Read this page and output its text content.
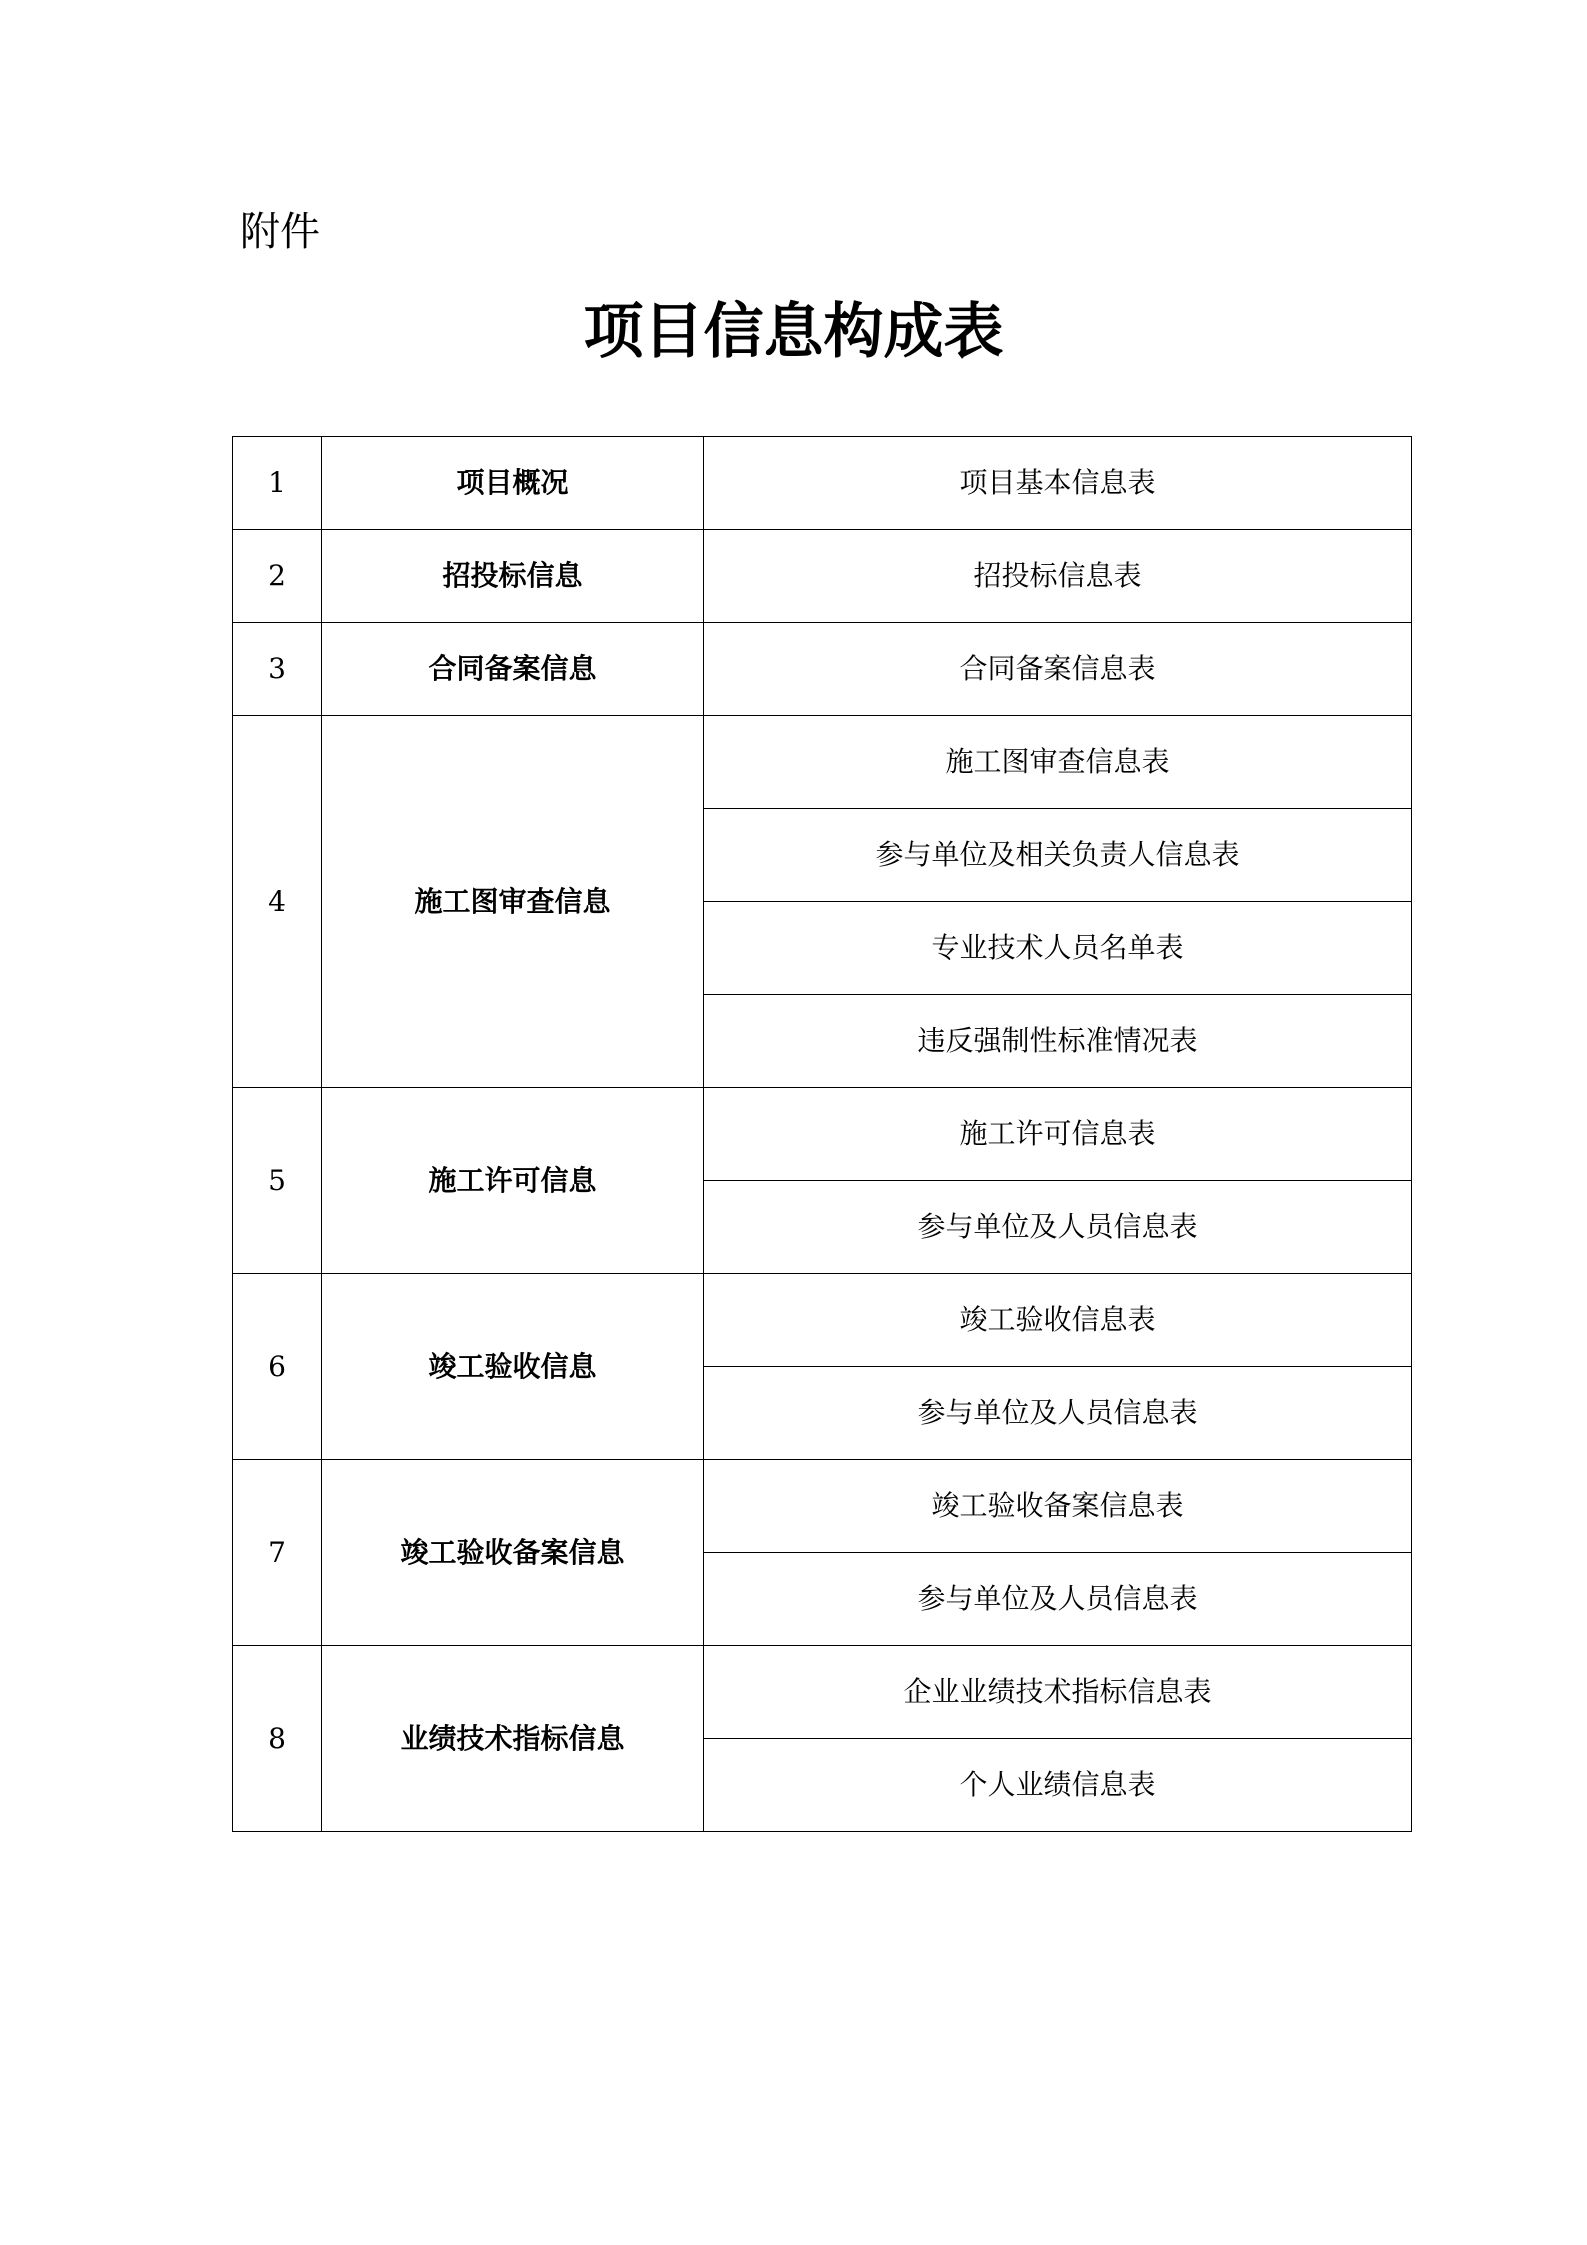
附件

项目信息构成表
1	项目概况	项目基本信息表
2	招投标信息	招投标信息表
3	合同备案信息	合同备案信息表
4	施工图审查信息	施工图审查信息表
		参与单位及相关负责人信息表
		专业技术人员名单表
		违反强制性标准情况表
5	施工许可信息	施工许可信息表
		参与单位及人员信息表
6	竣工验收信息	竣工验收信息表
		参与单位及人员信息表
7	竣工验收备案信息	竣工验收备案信息表
		参与单位及人员信息表
8	业绩技术指标信息	企业业绩技术指标信息表
		个人业绩信息表
